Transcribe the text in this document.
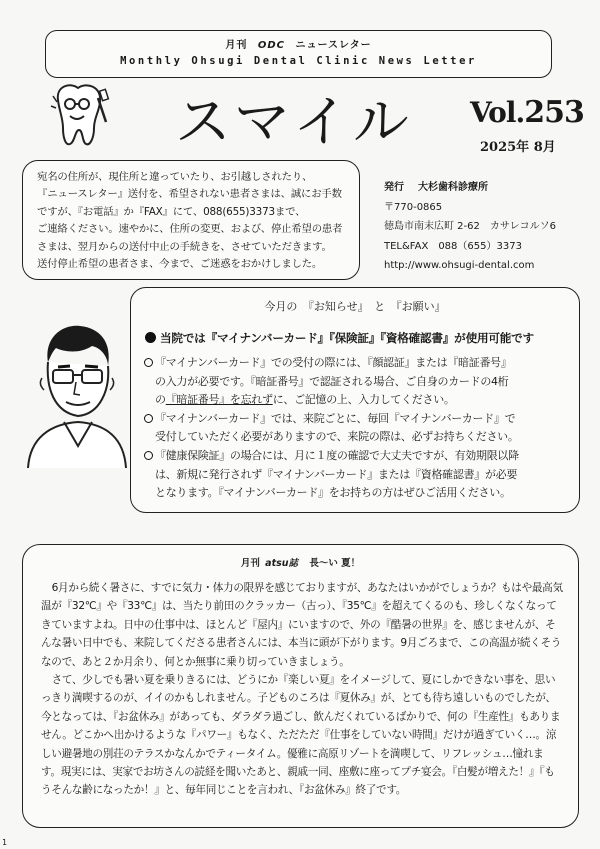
月刊 ODC ニュースレター
Monthly Ohsugi Dental Clinic News Letter
スマイル Vol.253
2025年 8月
宛名の住所が、現住所と違っていたり、お引越しされたり、
『ニュースレター』送付を、希望されない患者さまは、誠にお手数
ですが、『お電話』か『FAX』にて、088(655)3373まで、
ご連絡ください。速やかに、住所の変更、および、停止希望の患者
さまは、翌月からの送付中止の手続きを、させていただきます。
送付停止希望の患者さま、今まで、ご迷惑をおかけしました。
発行 大杉歯科診療所
〒770-0865
徳島市南末広町 2-62　カサレコルソ6
TEL&FAX　088（655）3373
http://www.ohsugi-dental.com
今月の　『お知らせ』　と　『お願い』
当院では『マイナンバーカード』『保険証』『資格確認書』が使用可能です
『マイナンバーカード』での受付の際には、『顔認証』または『暗証番号』
の入力が必要です。『暗証番号』で認証される場合、ご自身のカードの4桁
の『暗証番号』を忘れずに、ご記憶の上、入力してください。
『マイナンバーカード』では、来院ごとに、毎回『マイナンバーカード』で
受付していただく必要がありますので、来院の際は、必ずお持ちください。
『健康保険証』の場合には、月に１度の確認で大丈夫ですが、有効期限以降
は、新規に発行されず『マイナンバーカード』または『資格確認書』が必要
となります。『マイナンバーカード』をお持ちの方はぜひご活用ください。
月刊 atsu誌 長～い 夏！

6月から続く暑さに、すでに気力・体力の限界を感じておりますが、あなたはいかがでしょうか？もはや最高気温が『32℃』や『33℃』は、当たり前田のクラッカー（古っ）、『35℃』を超えてくるのも、珍しくなくなってきていますよね。日中の仕事中は、ほとんど『屋内』にいますので、外の『酷暑の世界』を、感じませんが、そんな暑い日中でも、来院してくださる患者さんには、本当に頭が下がります。9月ごろまで、この高温が続くそうなので、あと２か月余り、何とか無事に乗り切っていきましょう。

さて、少しでも暑い夏を乗りきるには、どうにか『楽しい夏』をイメージして、夏にしかできない事を、思いっきり満喫するのが、イイのかもしれません。子どものころは『夏休み』が、とても待ち遠しいものでしたが、今となっては、『お盆休み』があっても、ダラダラ過ごし、飲んだくれているばかりで、何の『生産性』もありません。どこかへ出かけるような『パワー』もなく、ただただ『仕事をしていない時間』だけが過ぎていく…。涼しい避暑地の別荘のテラスかなんかでティータイム。優雅に高原リゾートを満喫して、リフレッシュ…憧れます。現実には、実家でお坊さんの読経を聞いたあと、親戚一同、座敷に座ってプチ宴会。『白髪が増えた！』『もうそんな齢になったか！』と、毎年同じことを言われ、『お盆休み』終了です。

1
